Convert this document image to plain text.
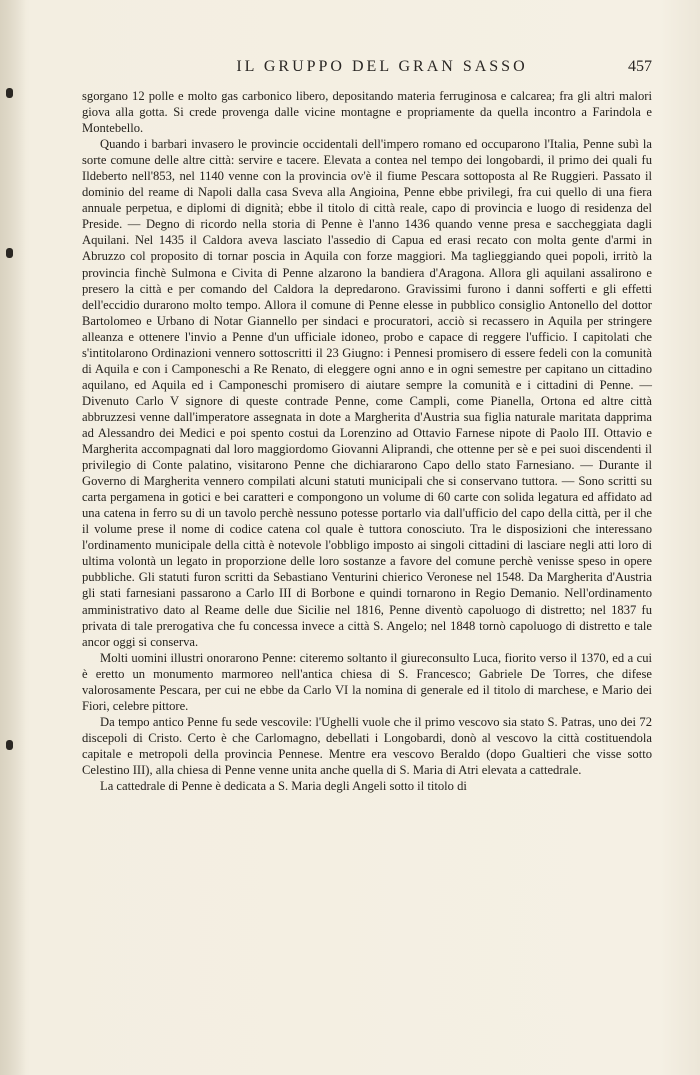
IL GRUPPO DEL GRAN SASSO	457

sgorgano 12 polle e molto gas carbonico libero, depositando materia ferruginosa e calcarea; fra gli altri malori giova alla gotta. Si crede provenga dalle vicine montagne e propriamente da quella incontro a Farindola e Montebello.

Quando i barbari invasero le provincie occidentali dell'impero romano ed occuparono l'Italia, Penne subì la sorte comune delle altre città: servire e tacere. Elevata a contea nel tempo dei longobardi, il primo dei quali fu Ildeberto nell'853, nel 1140 venne con la provincia ov'è il fiume Pescara sottoposta al Re Ruggieri. Passato il dominio del reame di Napoli dalla casa Sveva alla Angioina, Penne ebbe privilegi, fra cui quello di una fiera annuale perpetua, e diplomi di dignità; ebbe il titolo di città reale, capo di provincia e luogo di residenza del Preside. — Degno di ricordo nella storia di Penne è l'anno 1436 quando venne presa e saccheggiata dagli Aquilani. Nel 1435 il Caldora aveva lasciato l'assedio di Capua ed erasi recato con molta gente d'armi in Abruzzo col proposito di tornar poscia in Aquila con forze maggiori. Ma taglieggiando quei popoli, irritò la provincia finchè Sulmona e Civita di Penne alzarono la bandiera d'Aragona. Allora gli aquilani assalirono e presero la città e per comando del Caldora la depredarono. Gravissimi furono i danni sofferti e gli effetti dell'eccidio durarono molto tempo. Allora il comune di Penne elesse in pubblico consiglio Antonello del dottor Bartolomeo e Urbano di Notar Giannello per sindaci e procuratori, acciò si recassero in Aquila per stringere alleanza e ottenere l'invio a Penne d'un ufficiale idoneo, probo e capace di reggere l'ufficio. I capitolati che s'intitolarono Ordinazioni vennero sottoscritti il 23 Giugno: i Pennesi promisero di essere fedeli con la comunità di Aquila e con i Camponeschi a Re Renato, di eleggere ogni anno e in ogni semestre per capitano un cittadino aquilano, ed Aquila ed i Camponeschi promisero di aiutare sempre la comunità e i cittadini di Penne. — Divenuto Carlo V signore di queste contrade Penne, come Campli, come Pianella, Ortona ed altre città abbruzzesi venne dall'imperatore assegnata in dote a Margherita d'Austria sua figlia naturale maritata dapprima ad Alessandro dei Medici e poi spento costui da Lorenzino ad Ottavio Farnese nipote di Paolo III. Ottavio e Margherita accompagnati dal loro maggiordomo Giovanni Aliprandi, che ottenne per sè e pei suoi discendenti il privilegio di Conte palatino, visitarono Penne che dichiararono Capo dello stato Farnesiano. — Durante il Governo di Margherita vennero compilati alcuni statuti municipali che si conservano tuttora. — Sono scritti su carta pergamena in gotici e bei caratteri e compongono un volume di 60 carte con solida legatura ed affidato ad una catena in ferro su di un tavolo perchè nessuno potesse portarlo via dall'ufficio del capo della città, per il che il volume prese il nome di codice catena col quale è tuttora conosciuto. Tra le disposizioni che interessano l'ordinamento municipale della città è notevole l'obbligo imposto ai singoli cittadini di lasciare negli atti loro di ultima volontà un legato in proporzione delle loro sostanze a favore del comune perchè venisse speso in opere pubbliche. Gli statuti furon scritti da Sebastiano Venturini chierico Veronese nel 1548. Da Margherita d'Austria gli stati farnesiani passarono a Carlo III di Borbone e quindi tornarono in Regio Demanio. Nell'ordinamento amministrativo dato al Reame delle due Sicilie nel 1816, Penne diventò capoluogo di distretto; nel 1837 fu privata di tale prerogativa che fu concessa invece a città S. Angelo; nel 1848 tornò capoluogo di distretto e tale ancor oggi si conserva.

Molti uomini illustri onorarono Penne: citeremo soltanto il giureconsulto Luca, fiorito verso il 1370, ed a cui è eretto un monumento marmoreo nell'antica chiesa di S. Francesco; Gabriele De Torres, che difese valorosamente Pescara, per cui ne ebbe da Carlo VI la nomina di generale ed il titolo di marchese, e Mario dei Fiori, celebre pittore.

Da tempo antico Penne fu sede vescovile: l'Ughelli vuole che il primo vescovo sia stato S. Patras, uno dei 72 discepoli di Cristo. Certo è che Carlomagno, debellati i Longobardi, donò al vescovo la città costituendola capitale e metropoli della provincia Pennese. Mentre era vescovo Beraldo (dopo Gualtieri che visse sotto Celestino III), alla chiesa di Penne venne unita anche quella di S. Maria di Atri elevata a cattedrale.

La cattedrale di Penne è dedicata a S. Maria degli Angeli sotto il titolo di
